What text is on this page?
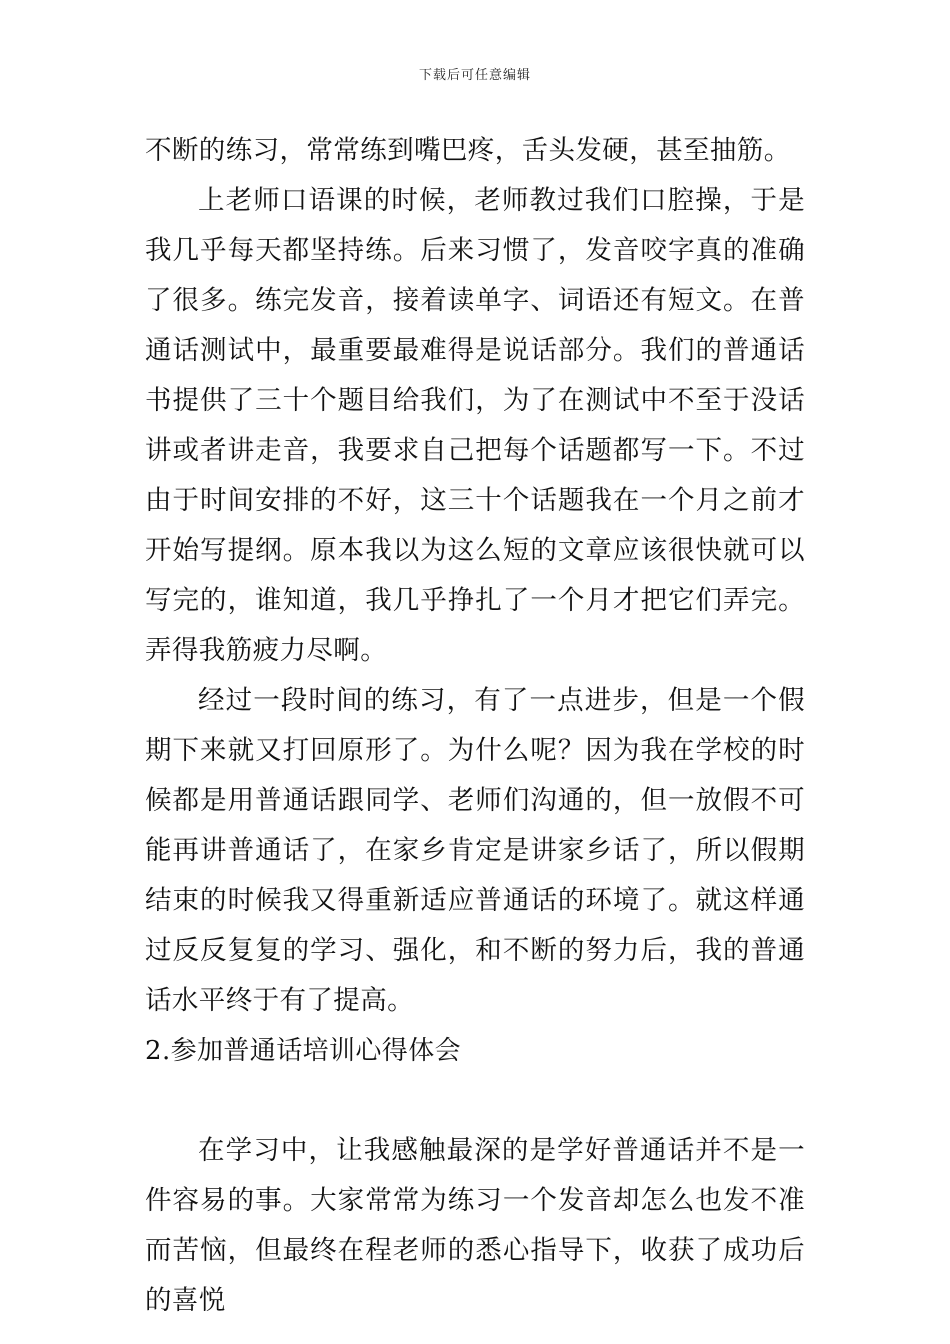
下载后可任意编辑

不断的练习，常常练到嘴巴疼，舌头发硬，甚至抽筋。

上老师口语课的时候，老师教过我们口腔操，于是我几乎每天都坚持练。后来习惯了，发音咬字真的准确了很多。练完发音，接着读单字、词语还有短文。在普通话测试中，最重要最难得是说话部分。我们的普通话书提供了三十个题目给我们，为了在测试中不至于没话讲或者讲走音，我要求自己把每个话题都写一下。不过由于时间安排的不好，这三十个话题我在一个月之前才开始写提纲。原本我以为这么短的文章应该很快就可以写完的，谁知道，我几乎挣扎了一个月才把它们弄完。弄得我筋疲力尽啊。

经过一段时间的练习，有了一点进步，但是一个假期下来就又打回原形了。为什么呢？因为我在学校的时候都是用普通话跟同学、老师们沟通的，但一放假不可能再讲普通话了，在家乡肯定是讲家乡话了，所以假期结束的时候我又得重新适应普通话的环境了。就这样通过反反复复的学习、强化，和不断的努力后，我的普通话水平终于有了提高。

2.参加普通话培训心得体会

在学习中，让我感触最深的是学好普通话并不是一件容易的事。大家常常为练习一个发音却怎么也发不准而苦恼，但最终在程老师的悉心指导下，收获了成功后的喜悦
